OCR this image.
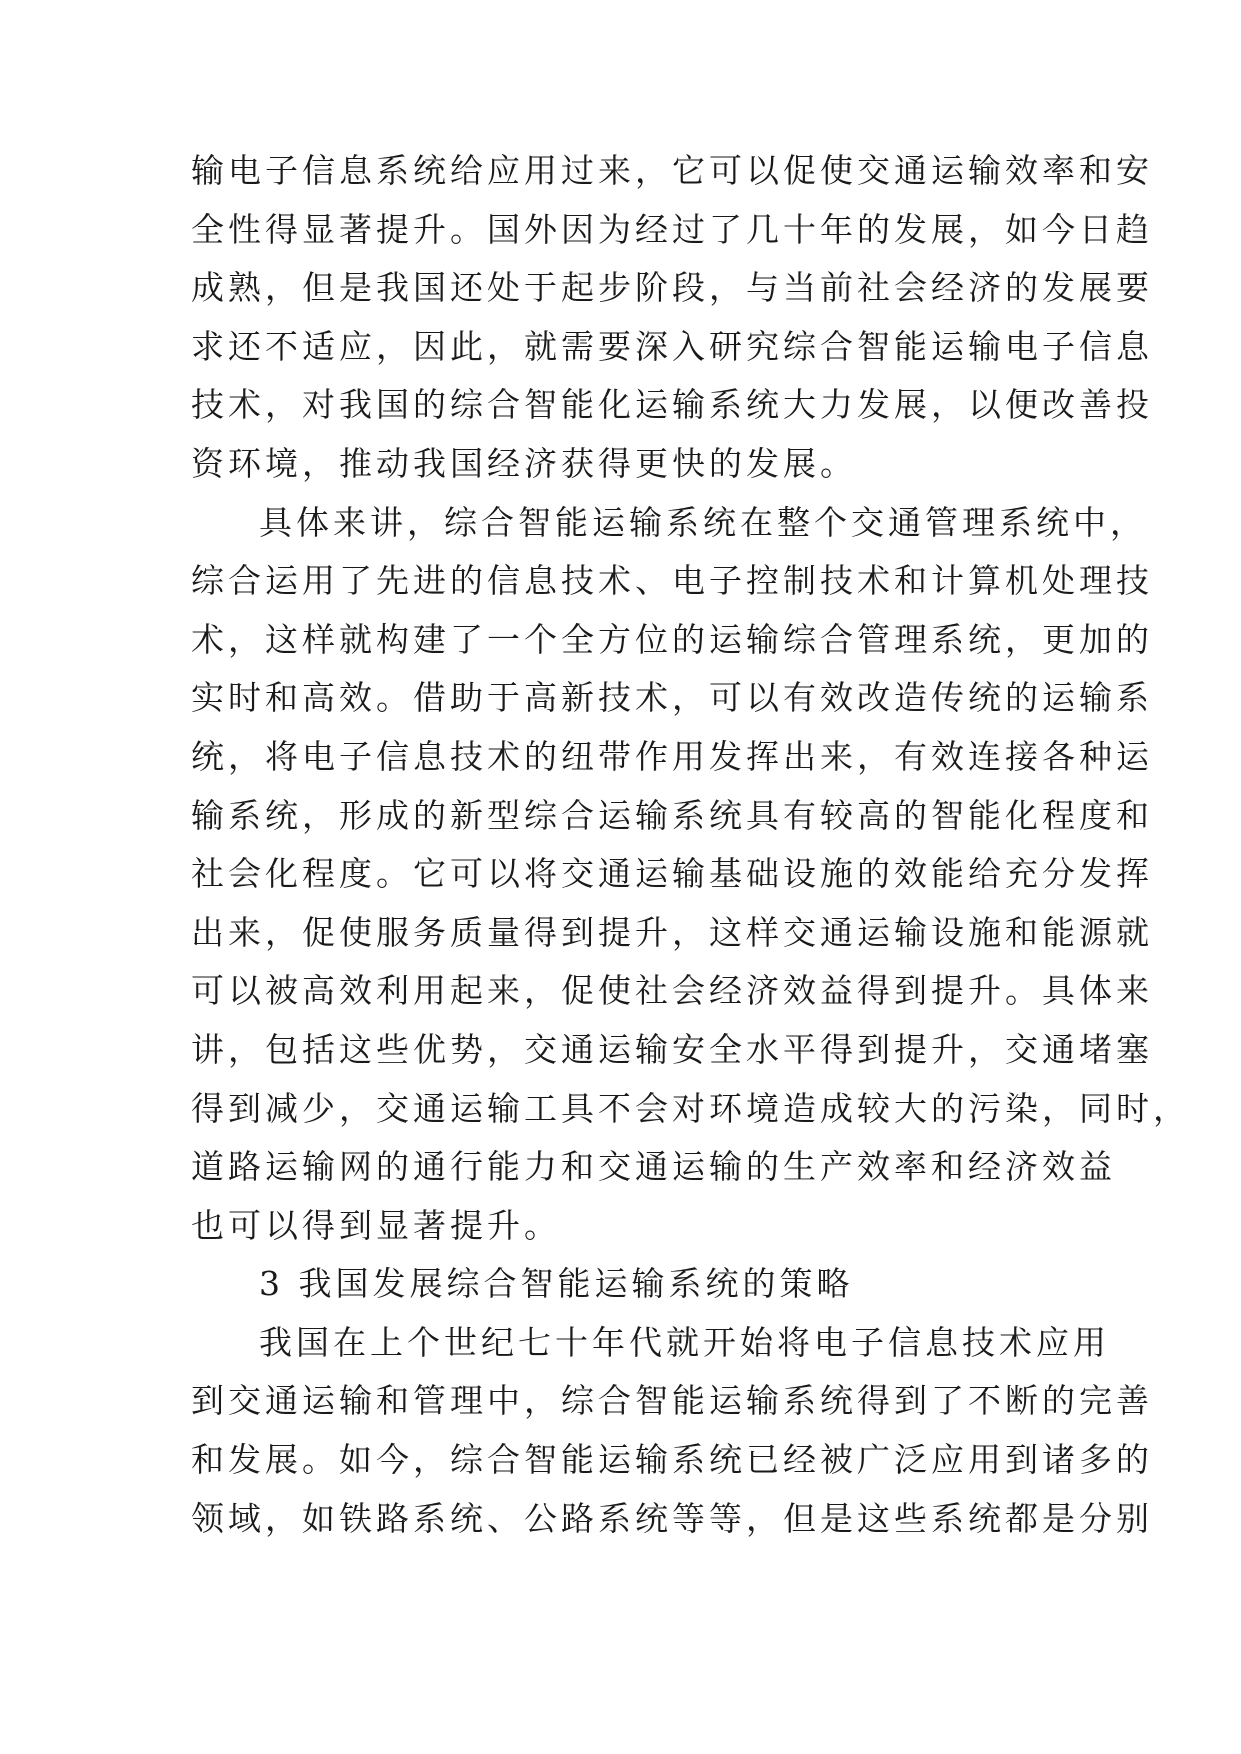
输电子信息系统给应用过来，它可以促使交通运输效率和安
全性得显著提升。国外因为经过了几十年的发展，如今日趋
成熟，但是我国还处于起步阶段，与当前社会经济的发展要
求还不适应，因此，就需要深入研究综合智能运输电子信息
技术，对我国的综合智能化运输系统大力发展，以便改善投
资环境，推动我国经济获得更快的发展。
具体来讲，综合智能运输系统在整个交通管理系统中，
综合运用了先进的信息技术、电子控制技术和计算机处理技
术，这样就构建了一个全方位的运输综合管理系统，更加的
实时和高效。借助于高新技术，可以有效改造传统的运输系
统，将电子信息技术的纽带作用发挥出来，有效连接各种运
输系统，形成的新型综合运输系统具有较高的智能化程度和
社会化程度。它可以将交通运输基础设施的效能给充分发挥
出来，促使服务质量得到提升，这样交通运输设施和能源就
可以被高效利用起来，促使社会经济效益得到提升。具体来
讲，包括这些优势，交通运输安全水平得到提升，交通堵塞
得到减少，交通运输工具不会对环境造成较大的污染，同时，
道路运输网的通行能力和交通运输的生产效率和经济效益
也可以得到显著提升。
3 我国发展综合智能运输系统的策略
我国在上个世纪七十年代就开始将电子信息技术应用
到交通运输和管理中，综合智能运输系统得到了不断的完善
和发展。如今，综合智能运输系统已经被广泛应用到诸多的
领域，如铁路系统、公路系统等等，但是这些系统都是分别
